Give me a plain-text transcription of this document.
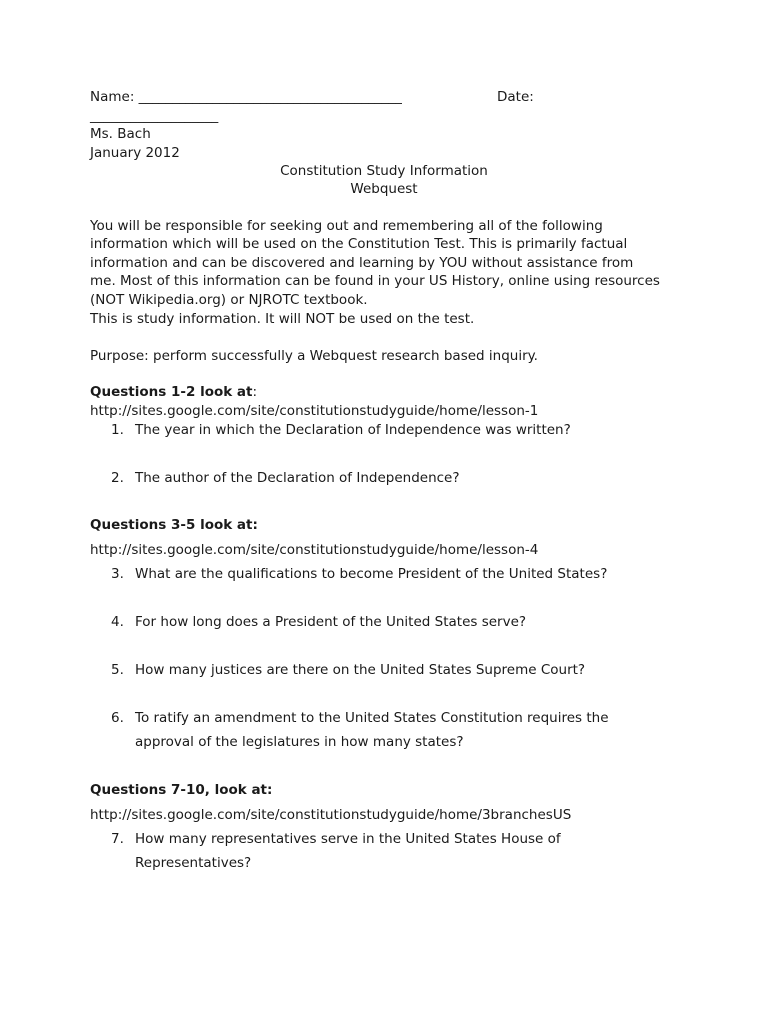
Name: _______________________________________	Date:
___________________
Ms. Bach
January 2012
Constitution Study Information
Webquest
You will be responsible for seeking out and remembering all of the following
information which will be used on the Constitution Test. This is primarily factual
information and can be discovered and learning by YOU without assistance from
me. Most of this information can be found in your US History, online using resources
(NOT Wikipedia.org) or NJROTC textbook.
This is study information. It will NOT be used on the test.
Purpose: perform successfully a Webquest research based inquiry.
Questions 1-2 look at:
http://sites.google.com/site/constitutionstudyguide/home/lesson-1
1. The year in which the Declaration of Independence was written?
2. The author of the Declaration of Independence?
Questions 3-5 look at:
http://sites.google.com/site/constitutionstudyguide/home/lesson-4
3. What are the qualifications to become President of the United States?
4. For how long does a President of the United States serve?
5. How many justices are there on the United States Supreme Court?
6. To ratify an amendment to the United States Constitution requires the
approval of the legislatures in how many states?
Questions 7-10, look at:
http://sites.google.com/site/constitutionstudyguide/home/3branchesUS
7. How many representatives serve in the United States House of
Representatives?
